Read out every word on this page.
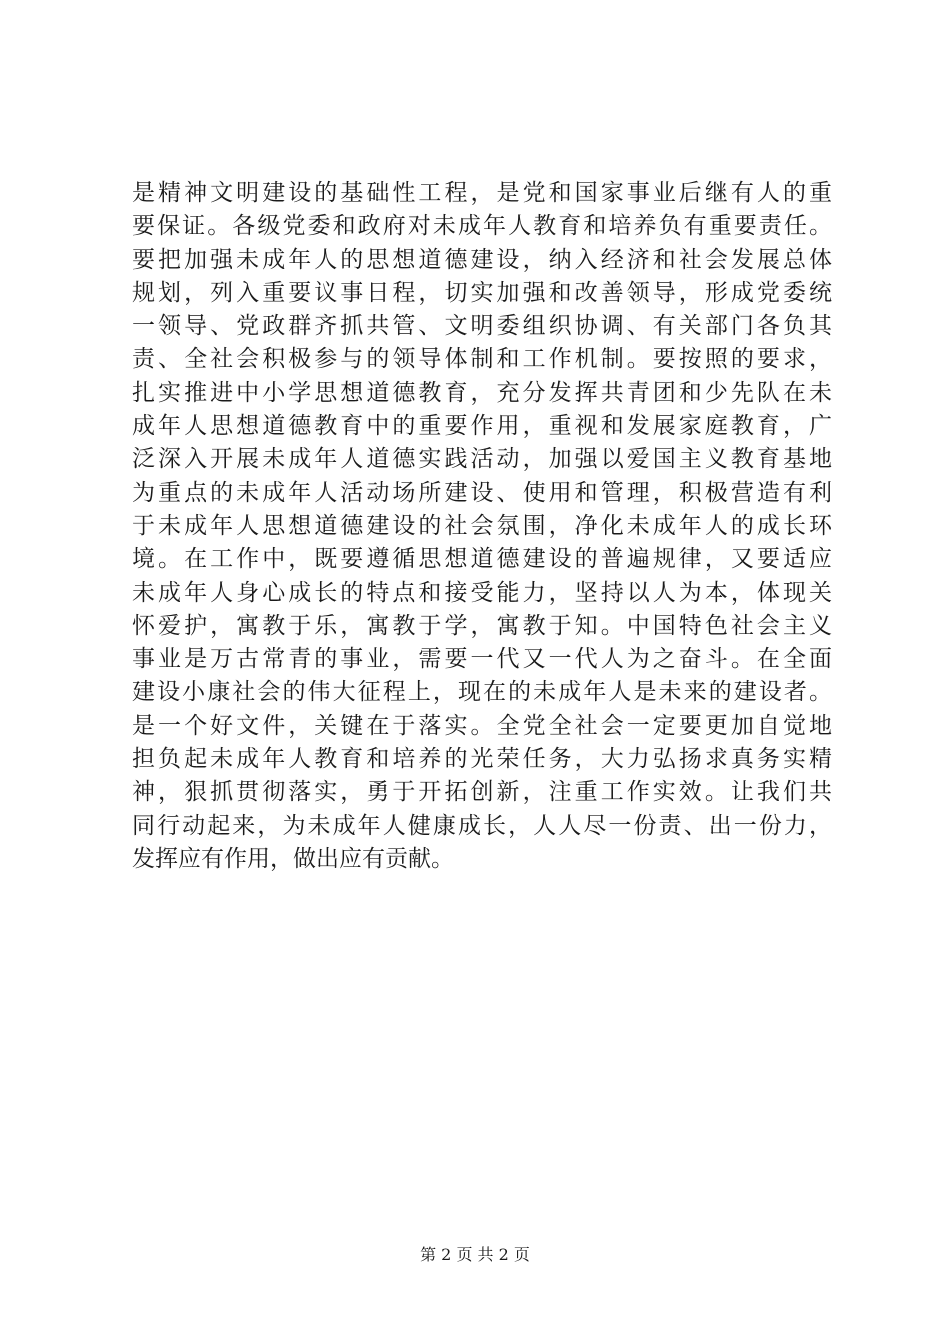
是精神文明建设的基础性工程，是党和国家事业后继有人的重
要保证。各级党委和政府对未成年人教育和培养负有重要责任。
要把加强未成年人的思想道德建设，纳入经济和社会发展总体
规划，列入重要议事日程，切实加强和改善领导，形成党委统
一领导、党政群齐抓共管、文明委组织协调、有关部门各负其
责、全社会积极参与的领导体制和工作机制。要按照的要求，
扎实推进中小学思想道德教育，充分发挥共青团和少先队在未
成年人思想道德教育中的重要作用，重视和发展家庭教育，广
泛深入开展未成年人道德实践活动，加强以爱国主义教育基地
为重点的未成年人活动场所建设、使用和管理，积极营造有利
于未成年人思想道德建设的社会氛围，净化未成年人的成长环
境。在工作中，既要遵循思想道德建设的普遍规律，又要适应
未成年人身心成长的特点和接受能力，坚持以人为本，体现关
怀爱护，寓教于乐，寓教于学，寓教于知。中国特色社会主义
事业是万古常青的事业，需要一代又一代人为之奋斗。在全面
建设小康社会的伟大征程上，现在的未成年人是未来的建设者。
是一个好文件，关键在于落实。全党全社会一定要更加自觉地
担负起未成年人教育和培养的光荣任务，大力弘扬求真务实精
神，狠抓贯彻落实，勇于开拓创新，注重工作实效。让我们共
同行动起来，为未成年人健康成长，人人尽一份责、出一份力，
发挥应有作用，做出应有贡献。
第 2 页 共 2 页
